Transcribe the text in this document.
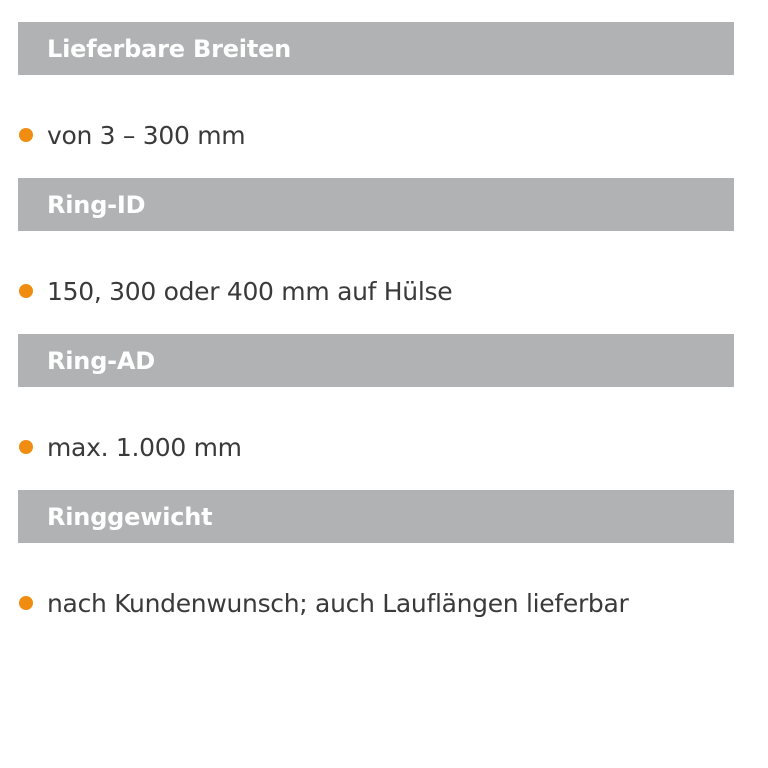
Lieferbare Breiten
von 3 – 300 mm
Ring-ID
150, 300 oder 400 mm auf Hülse
Ring-AD
max. 1.000 mm
Ringgewicht
nach Kundenwunsch; auch Lauflängen lieferbar
